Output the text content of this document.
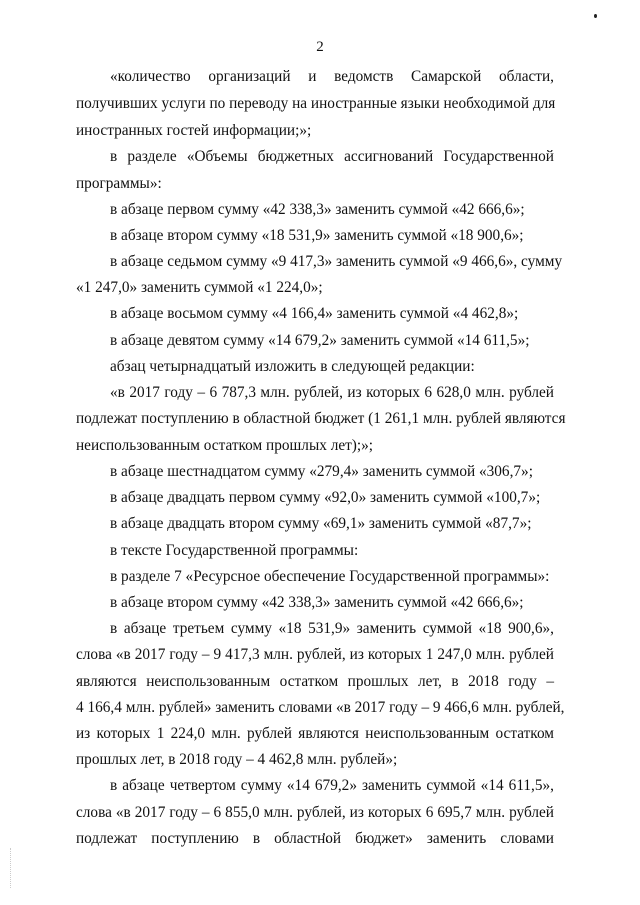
2

«количество организаций и ведомств Самарской области,

получивших услуги по переводу на иностранные языки необходимой для

иностранных гостей информации;»;

в разделе «Объемы бюджетных ассигнований Государственной

программы»:

в абзаце первом сумму «42 338,3» заменить суммой «42 666,6»;

в абзаце втором сумму «18 531,9» заменить суммой «18 900,6»;

в абзаце седьмом сумму «9 417,3» заменить суммой «9 466,6», сумму

«1 247,0» заменить суммой «1 224,0»;

в абзаце восьмом сумму «4 166,4» заменить суммой «4 462,8»;

в абзаце девятом сумму «14 679,2» заменить суммой «14 611,5»;

абзац четырнадцатый изложить в следующей редакции:

«в 2017 году – 6 787,3 млн. рублей, из которых 6 628,0 млн. рублей

подлежат поступлению в областной бюджет (1 261,1 млн. рублей являются

неиспользованным остатком прошлых лет);»;

в абзаце шестнадцатом сумму «279,4» заменить суммой «306,7»;

в абзаце двадцать первом сумму «92,0» заменить суммой «100,7»;

в абзаце двадцать втором сумму «69,1» заменить суммой «87,7»;

в тексте Государственной программы:

в разделе 7 «Ресурсное обеспечение Государственной программы»:

в абзаце втором сумму «42 338,3» заменить суммой «42 666,6»;

в абзаце третьем сумму «18 531,9» заменить суммой «18 900,6»,

слова «в 2017 году – 9 417,3 млн. рублей, из которых 1 247,0 млн. рублей

являются неиспользованным остатком прошлых лет, в 2018 году –

4 166,4 млн. рублей» заменить словами «в 2017 году – 9 466,6 млн. рублей,

из которых 1 224,0 млн. рублей являются неиспользованным остатком

прошлых лет, в 2018 году – 4 462,8 млн. рублей»;

в абзаце четвертом сумму «14 679,2» заменить суммой «14 611,5»,

слова «в 2017 году – 6 855,0 млн. рублей, из которых 6 695,7 млн. рублей

подлежат поступлению в областной бюджет» заменить словами
